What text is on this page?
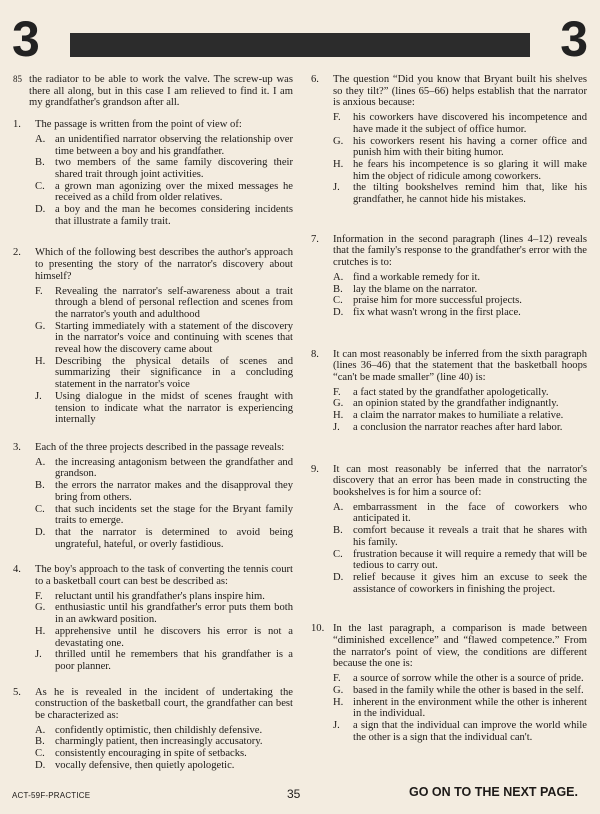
3	3
85 the radiator to be able to work the valve. The screw-up was there all along, but in this case I am relieved to find it. I am my grandfather's grandson after all.
1.	The passage is written from the point of view of:
A. an unidentified narrator observing the relationship over time between a boy and his grandfather.
B. two members of the same family discovering their shared trait through joint activities.
C. a grown man agonizing over the mixed messages he received as a child from older relatives.
D. a boy and the man he becomes considering incidents that illustrate a family trait.
2.	Which of the following best describes the author's approach to presenting the story of the narrator's discovery about himself?
F.	Revealing the narrator's self-awareness about a trait through a blend of personal reflection and scenes from the narrator's youth and adulthood
G. Starting immediately with a statement of the discovery in the narrator's voice and continuing with scenes that reveal how the discovery came about
H. Describing the physical details of scenes and summarizing their significance in a concluding statement in the narrator's voice
J.	Using dialogue in the midst of scenes fraught with tension to indicate what the narrator is experiencing internally
3.	Each of the three projects described in the passage reveals:
A. the increasing antagonism between the grandfather and grandson.
B. the errors the narrator makes and the disapproval they bring from others.
C. that such incidents set the stage for the Bryant family traits to emerge.
D. that the narrator is determined to avoid being ungrateful, hateful, or overly fastidious.
4.	The boy's approach to the task of converting the tennis court to a basketball court can best be described as:
F.	reluctant until his grandfather's plans inspire him.
G. enthusiastic until his grandfather's error puts them both in an awkward position.
H. apprehensive until he discovers his error is not a devastating one.
J.	thrilled until he remembers that his grandfather is a poor planner.
5.	As he is revealed in the incident of undertaking the construction of the basketball court, the grandfather can best be characterized as:
A. confidently optimistic, then childishly defensive.
B. charmingly patient, then increasingly accusatory.
C. consistently encouraging in spite of setbacks.
D. vocally defensive, then quietly apologetic.
6.	The question “Did you know that Bryant built his shelves so they tilt?” (lines 65–66) helps establish that the narrator is anxious because:
F.	his coworkers have discovered his incompetence and have made it the subject of office humor.
G. his coworkers resent his having a corner office and punish him with their biting humor.
H. he fears his incompetence is so glaring it will make him the object of ridicule among coworkers.
J.	the tilting bookshelves remind him that, like his grandfather, he cannot hide his mistakes.
7.	Information in the second paragraph (lines 4–12) reveals that the family's response to the grandfather's error with the crutches is to:
A. find a workable remedy for it.
B. lay the blame on the narrator.
C. praise him for more successful projects.
D. fix what wasn't wrong in the first place.
8.	It can most reasonably be inferred from the sixth paragraph (lines 36–46) that the statement that the basketball hoops “can't be made smaller” (line 40) is:
F.	a fact stated by the grandfather apologetically.
G. an opinion stated by the grandfather indignantly.
H. a claim the narrator makes to humiliate a relative.
J.	a conclusion the narrator reaches after hard labor.
9.	It can most reasonably be inferred that the narrator's discovery that an error has been made in constructing the bookshelves is for him a source of:
A. embarrassment in the face of coworkers who anticipated it.
B. comfort because it reveals a trait that he shares with his family.
C. frustration because it will require a remedy that will be tedious to carry out.
D. relief because it gives him an excuse to seek the assistance of coworkers in finishing the project.
10. In the last paragraph, a comparison is made between “diminished excellence” and “flawed competence.” From the narrator's point of view, the conditions are different because the one is:
F.	a source of sorrow while the other is a source of pride.
G. based in the family while the other is based in the self.
H. inherent in the environment while the other is inherent in the individual.
J.	a sign that the individual can improve the world while the other is a sign that the individual can't.
ACT-59F-PRACTICE	35	GO ON TO THE NEXT PAGE.
